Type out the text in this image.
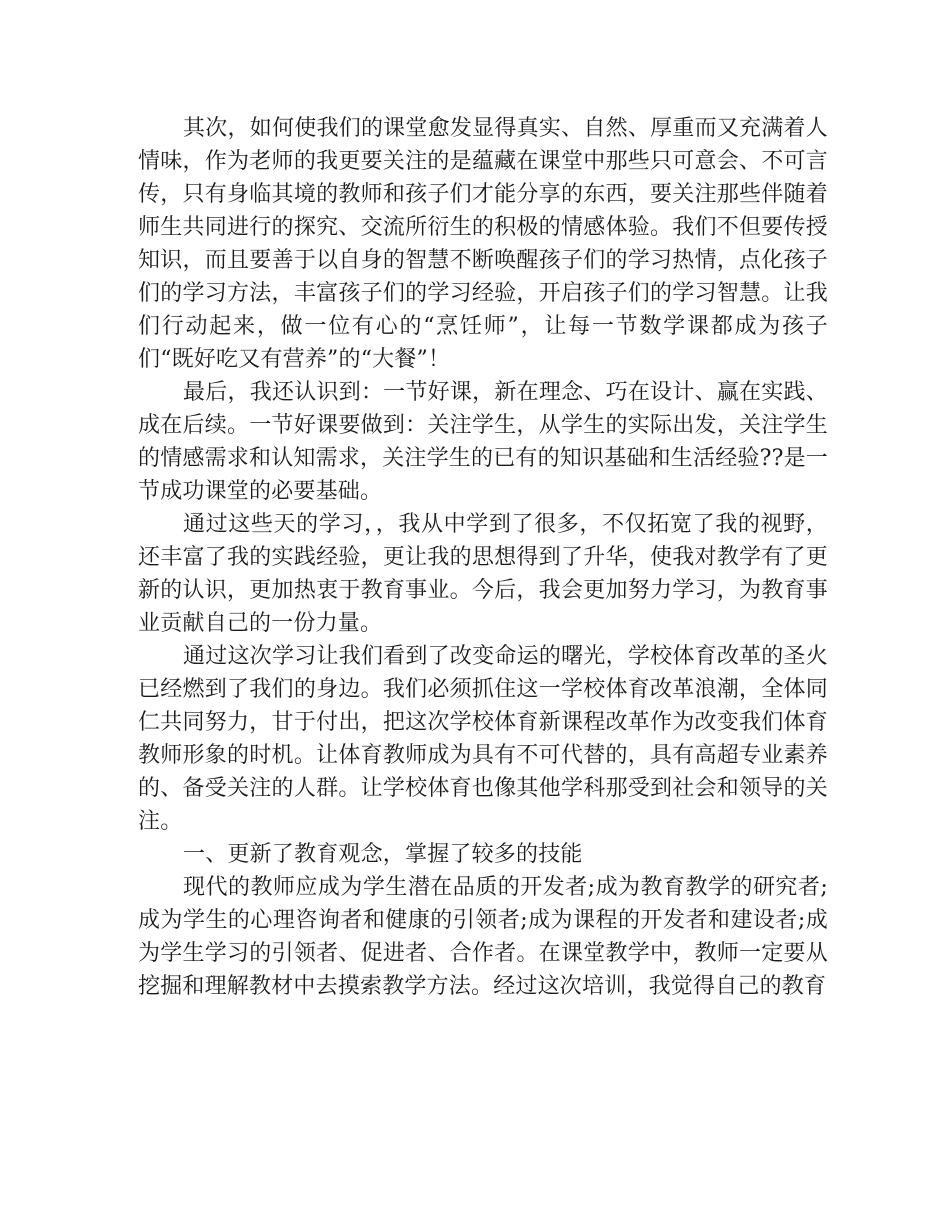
其次，如何使我们的课堂愈发显得真实、自然、厚重而又充满着人情味，作为老师的我更要关注的是蕴藏在课堂中那些只可意会、不可言传，只有身临其境的教师和孩子们才能分享的东西，要关注那些伴随着师生共同进行的探究、交流所衍生的积极的情感体验。我们不但要传授知识，而且要善于以自身的智慧不断唤醒孩子们的学习热情，点化孩子们的学习方法，丰富孩子们的学习经验，开启孩子们的学习智慧。让我们行动起来，做一位有心的“烹饪师”，让每一节数学课都成为孩子们“既好吃又有营养”的“大餐”！

最后，我还认识到：一节好课，新在理念、巧在设计、赢在实践、成在后续。一节好课要做到：关注学生，从学生的实际出发，关注学生的情感需求和认知需求，关注学生的已有的知识基础和生活经验??是一节成功课堂的必要基础。

通过这些天的学习，，我从中学到了很多，不仅拓宽了我的视野，还丰富了我的实践经验，更让我的思想得到了升华，使我对教学有了更新的认识，更加热衷于教育事业。今后，我会更加努力学习，为教育事业贡献自己的一份力量。

通过这次学习让我们看到了改变命运的曙光，学校体育改革的圣火已经燃到了我们的身边。我们必须抓住这一学校体育改革浪潮，全体同仁共同努力，甘于付出，把这次学校体育新课程改革作为改变我们体育教师形象的时机。让体育教师成为具有不可代替的，具有高超专业素养的、备受关注的人群。让学校体育也像其他学科那受到社会和领导的关注。

一、更新了教育观念，掌握了较多的技能

现代的教师应成为学生潜在品质的开发者;成为教育教学的研究者;成为学生的心理咨询者和健康的引领者;成为课程的开发者和建设者;成为学生学习的引领者、促进者、合作者。在课堂教学中，教师一定要从挖掘和理解教材中去摸索教学方法。经过这次培训，我觉得自己的教育
